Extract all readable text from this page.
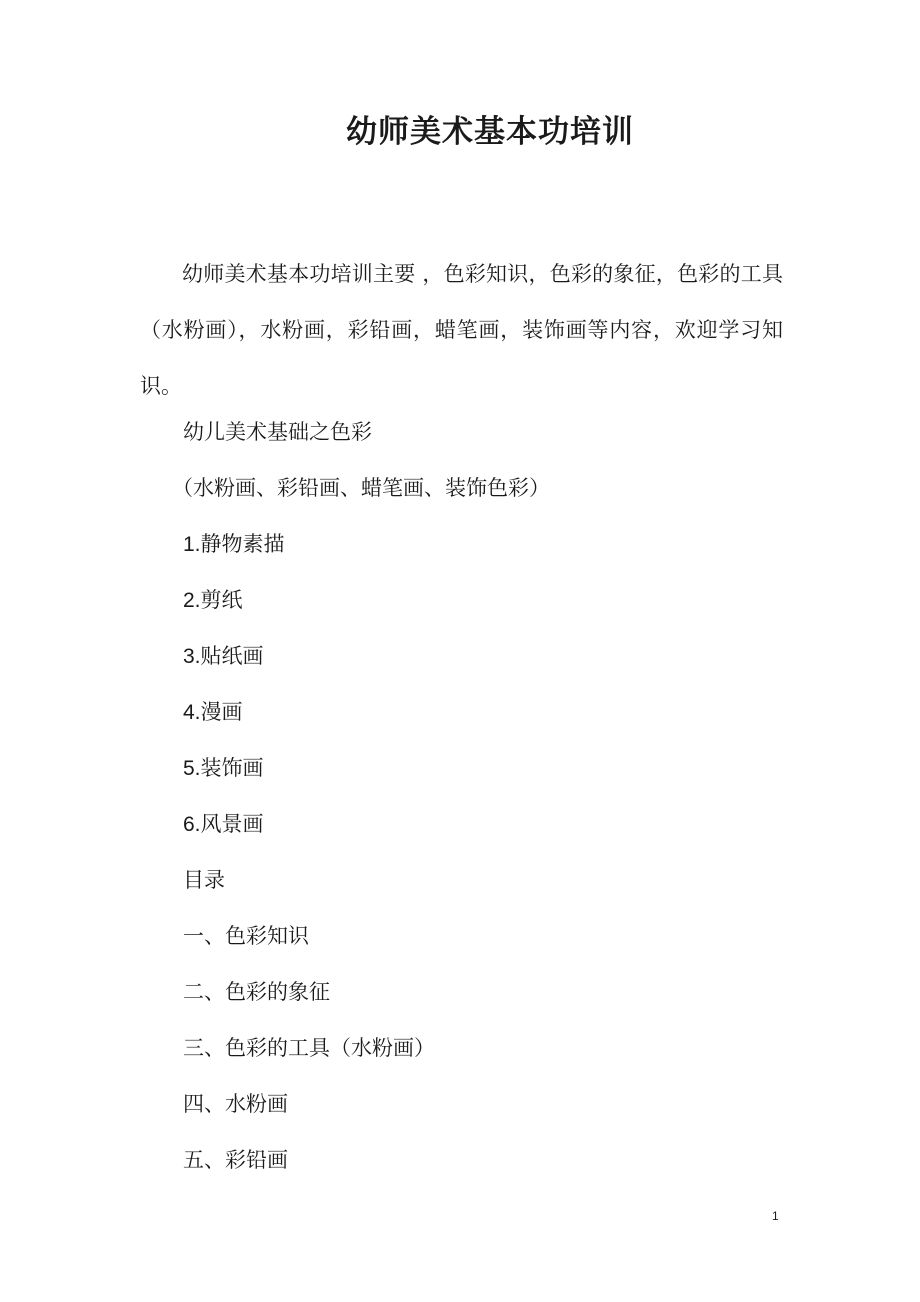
幼师美术基本功培训
幼师美术基本功培训主要 ，色彩知识，色彩的象征，色彩的工具（水粉画），水粉画，彩铅画，蜡笔画，装饰画等内容，欢迎学习知识。
幼儿美术基础之色彩
（水粉画、彩铅画、蜡笔画、装饰色彩）
1.静物素描
2.剪纸
3.贴纸画
4.漫画
5.装饰画
6.风景画
目录
一、色彩知识
二、色彩的象征
三、色彩的工具（水粉画）
四、水粉画
五、彩铅画
1
